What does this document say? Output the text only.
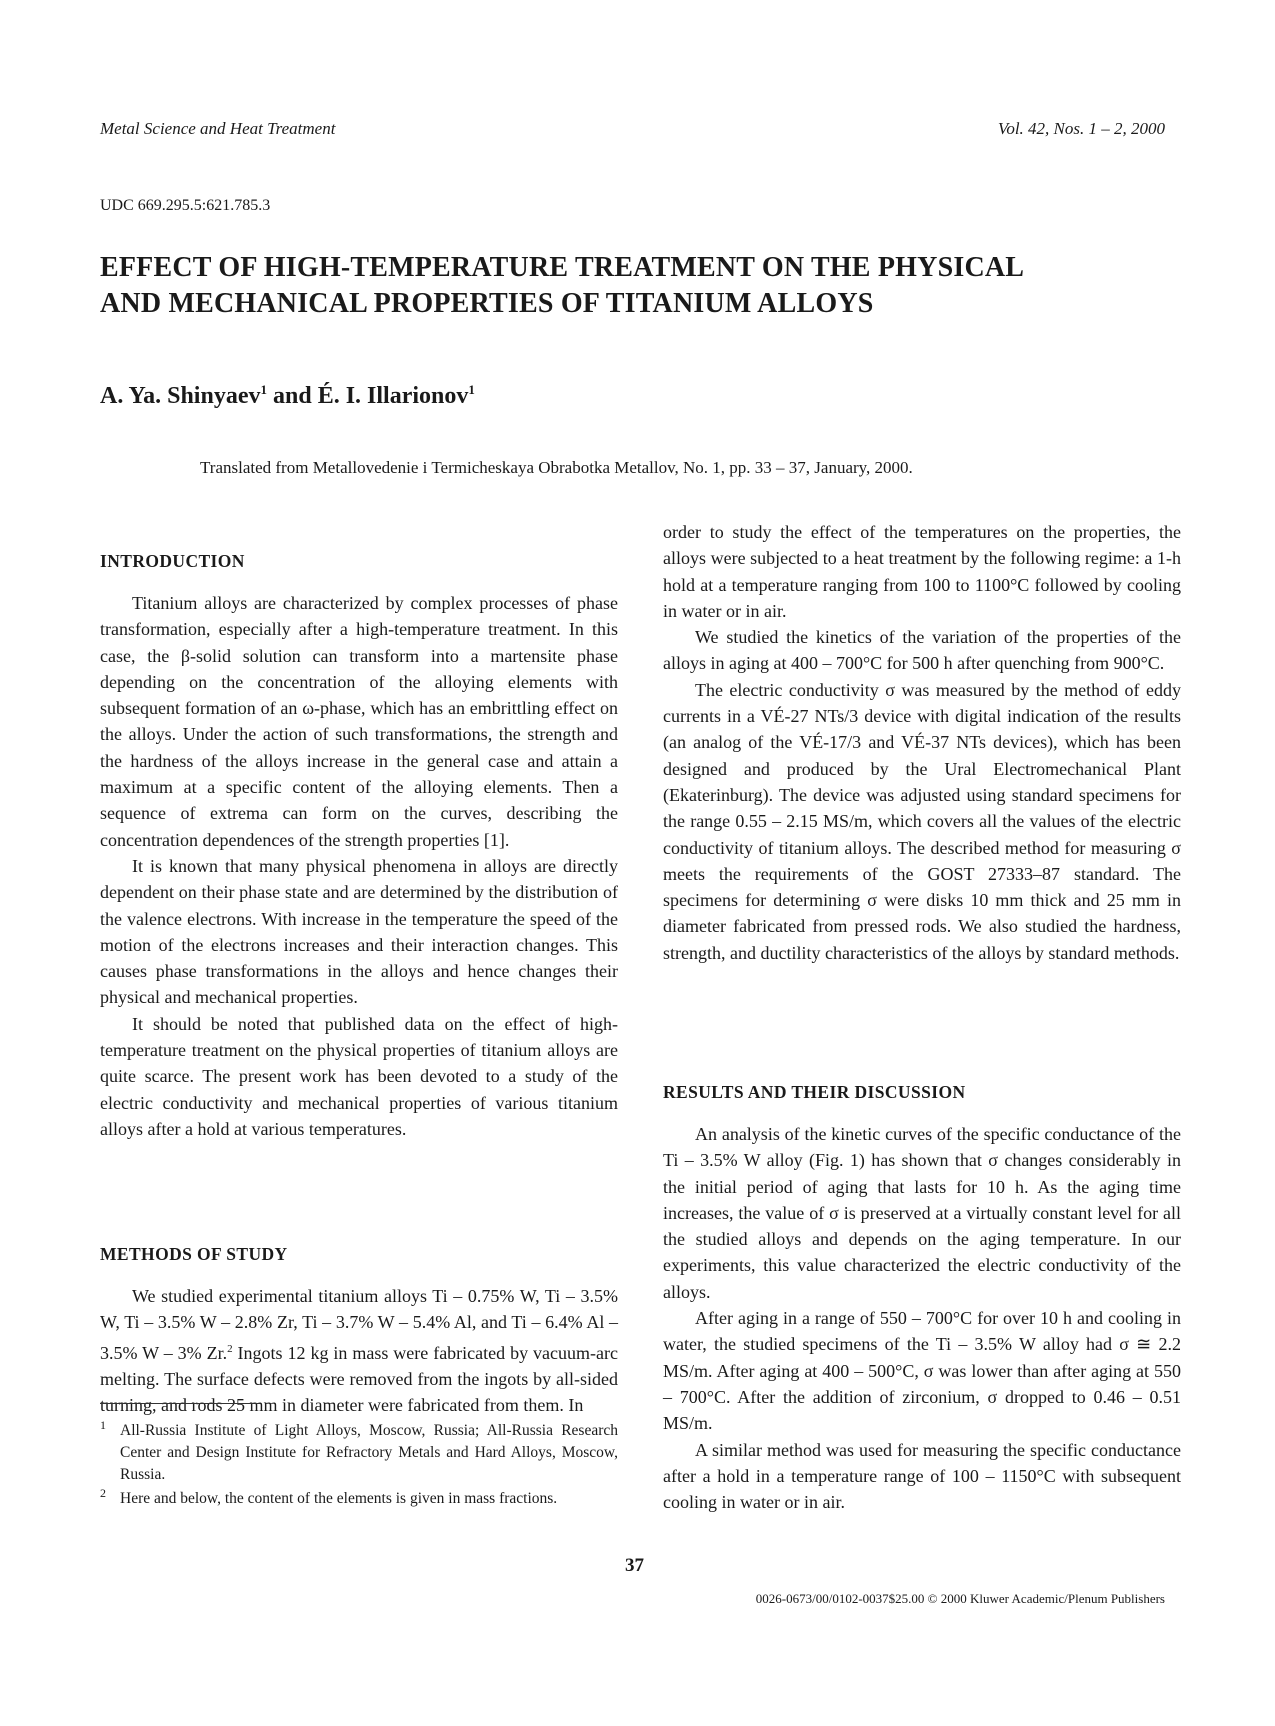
Metal Science and Heat Treatment	Vol. 42, Nos. 1 – 2, 2000
UDC 669.295.5:621.785.3
EFFECT OF HIGH-TEMPERATURE TREATMENT ON THE PHYSICAL
AND MECHANICAL PROPERTIES OF TITANIUM ALLOYS
A. Ya. Shinyaev$^1$ and É. I. Illarionov$^1$
Translated from Metallovedenie i Termicheskaya Obrabotka Metallov, No. 1, pp. 33 – 37, January, 2000.
INTRODUCTION

Titanium alloys are characterized by complex processes of phase transformation, especially after a high-temperature treatment. In this case, the β-solid solution can transform into a martensite phase depending on the concentration of the alloying elements with subsequent formation of an ω-phase, which has an embrittling effect on the alloys. Under the action of such transformations, the strength and the hardness of the alloys increase in the general case and attain a maximum at a specific content of the alloying elements. Then a sequence of extrema can form on the curves, describing the concentration dependences of the strength properties [1].

It is known that many physical phenomena in alloys are directly dependent on their phase state and are determined by the distribution of the valence electrons. With increase in the temperature the speed of the motion of the electrons increases and their interaction changes. This causes phase transformations in the alloys and hence changes their physical and mechanical properties.

It should be noted that published data on the effect of high-temperature treatment on the physical properties of titanium alloys are quite scarce. The present work has been devoted to a study of the electric conductivity and mechanical properties of various titanium alloys after a hold at various temperatures.

METHODS OF STUDY

We studied experimental titanium alloys Ti – 0.75% W, Ti – 3.5% W, Ti – 3.5% W – 2.8% Zr, Ti – 3.7% W – 5.4% Al, and Ti – 6.4% Al – 3.5% W – 3% Zr.$^2$ Ingots 12 kg in mass were fabricated by vacuum-arc melting. The surface defects were removed from the ingots by all-sided turning, and rods 25 mm in diameter were fabricated from them. In

1 All-Russia Institute of Light Alloys, Moscow, Russia; All-Russia Research Center and Design Institute for Refractory Metals and Hard Alloys, Moscow, Russia.
2 Here and below, the content of the elements is given in mass fractions.

order to study the effect of the temperatures on the properties, the alloys were subjected to a heat treatment by the following regime: a 1-h hold at a temperature ranging from 100 to 1100°C followed by cooling in water or in air.

We studied the kinetics of the variation of the properties of the alloys in aging at 400 – 700°C for 500 h after quenching from 900°C.

The electric conductivity σ was measured by the method of eddy currents in a VÉ-27 NTs/3 device with digital indication of the results (an analog of the VÉ-17/3 and VÉ-37 NTs devices), which has been designed and produced by the Ural Electromechanical Plant (Ekaterinburg). The device was adjusted using standard specimens for the range 0.55 – 2.15 MS/m, which covers all the values of the electric conductivity of titanium alloys. The described method for measuring σ meets the requirements of the GOST 27333–87 standard. The specimens for determining σ were disks 10 mm thick and 25 mm in diameter fabricated from pressed rods. We also studied the hardness, strength, and ductility characteristics of the alloys by standard methods.

RESULTS AND THEIR DISCUSSION

An analysis of the kinetic curves of the specific conductance of the Ti – 3.5% W alloy (Fig. 1) has shown that σ changes considerably in the initial period of aging that lasts for 10 h. As the aging time increases, the value of σ is preserved at a virtually constant level for all the studied alloys and depends on the aging temperature. In our experiments, this value characterized the electric conductivity of the alloys.

After aging in a range of 550 – 700°C for over 10 h and cooling in water, the studied specimens of the Ti – 3.5% W alloy had σ ≅ 2.2 MS/m. After aging at 400 – 500°C, σ was lower than after aging at 550 – 700°C. After the addition of zirconium, σ dropped to 0.46 – 0.51 MS/m.

A similar method was used for measuring the specific conductance after a hold in a temperature range of 100 – 1150°C with subsequent cooling in water or in air.

37
0026-0673/00/0102-0037$25.00 © 2000 Kluwer Academic/Plenum Publishers
